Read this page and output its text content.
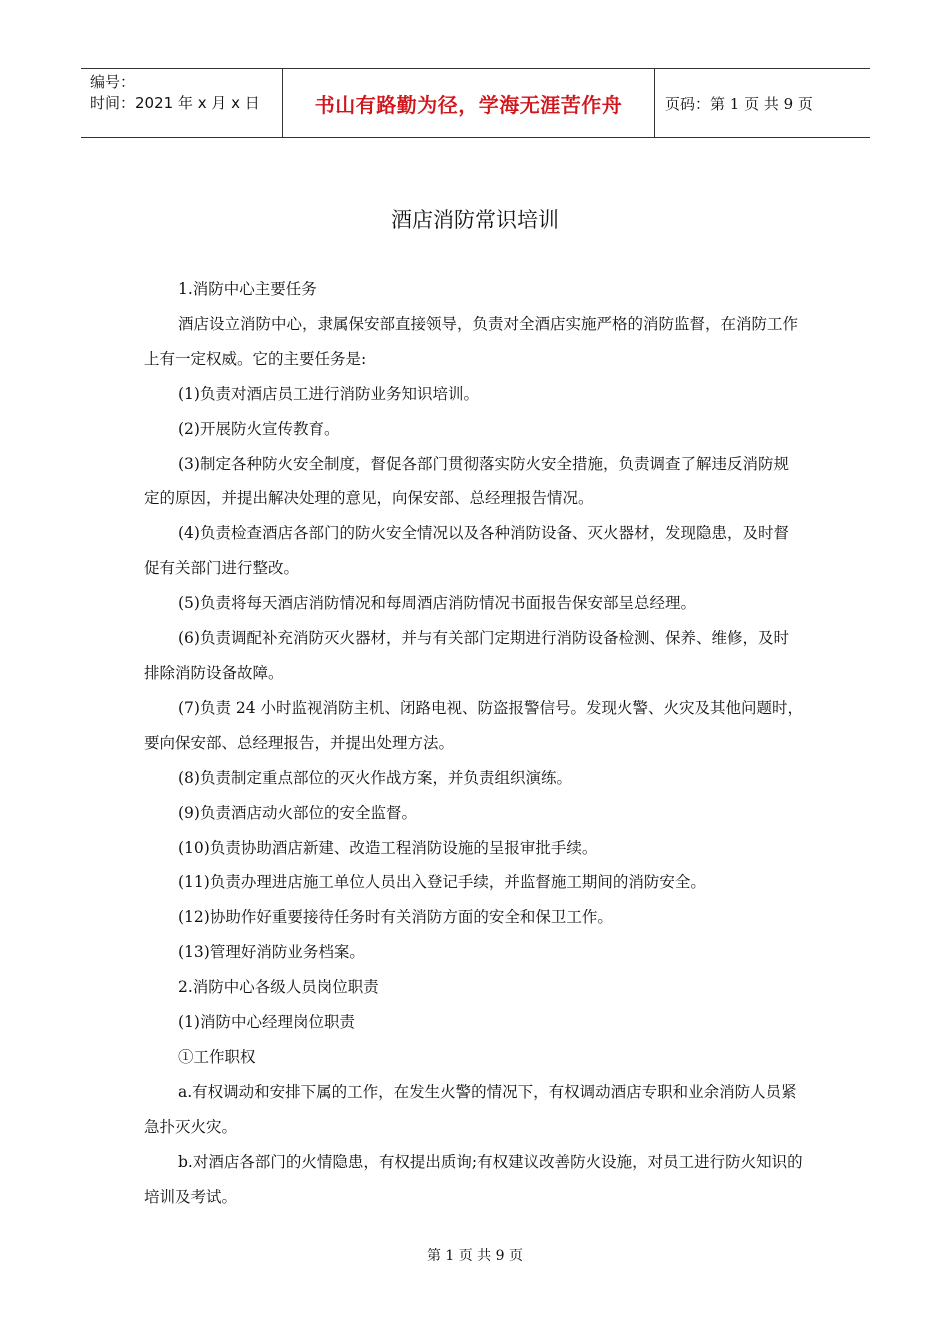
编号：
时间：2021 年 x 月 x 日	书山有路勤为径，学海无涯苦作舟	页码：第 1 页 共 9 页
酒店消防常识培训

1.消防中心主要任务

酒店设立消防中心，隶属保安部直接领导，负责对全酒店实施严格的消防监督，在消防工作上有一定权威。它的主要任务是:

(1)负责对酒店员工进行消防业务知识培训。

(2)开展防火宣传教育。

(3)制定各种防火安全制度，督促各部门贯彻落实防火安全措施，负责调查了解违反消防规定的原因，并提出解决处理的意见，向保安部、总经理报告情况。

(4)负责检查酒店各部门的防火安全情况以及各种消防设备、灭火器材，发现隐患，及时督促有关部门进行整改。

(5)负责将每天酒店消防情况和每周酒店消防情况书面报告保安部呈总经理。

(6)负责调配补充消防灭火器材，并与有关部门定期进行消防设备检测、保养、维修，及时排除消防设备故障。

(7)负责 24 小时监视消防主机、闭路电视、防盗报警信号。发现火警、火灾及其他问题时，要向保安部、总经理报告，并提出处理方法。

(8)负责制定重点部位的灭火作战方案，并负责组织演练。

(9)负责酒店动火部位的安全监督。

(10)负责协助酒店新建、改造工程消防设施的呈报审批手续。

(11)负责办理进店施工单位人员出入登记手续，并监督施工期间的消防安全。

(12)协助作好重要接待任务时有关消防方面的安全和保卫工作。

(13)管理好消防业务档案。

2.消防中心各级人员岗位职责

(1)消防中心经理岗位职责

①工作职权

a.有权调动和安排下属的工作，在发生火警的情况下，有权调动酒店专职和业余消防人员紧急扑灭火灾。

b.对酒店各部门的火情隐患，有权提出质询;有权建议改善防火设施，对员工进行防火知识的培训及考试。

第 1 页 共 9 页
